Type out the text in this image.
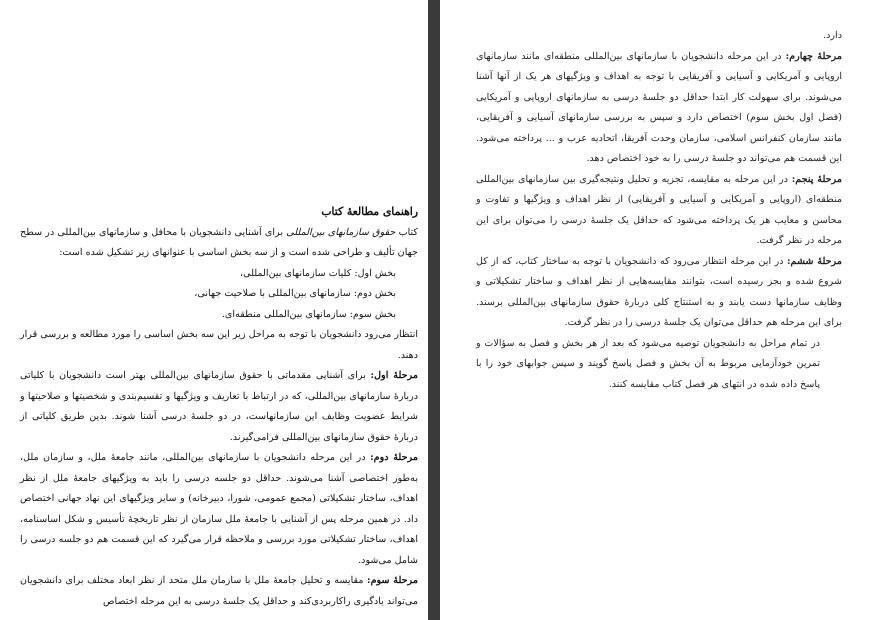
راهنمای مطالعهٔ کتاب

کتاب حقوق سازمانهای بین‌المللی برای آشنایی دانشجویان با محافل و سازمانهای بین‌المللی در سطح جهان تألیف و طراحی شده است و از سه بخش اساسی با عنوانهای زیر تشکیل شده است:

بخش اول: کلیات سازمانهای بین‌المللی،

بخش دوم: سازمانهای بین‌المللی با صلاحیت جهانی،

بخش سوم: سازمانهای بین‌المللی منطقه‌ای.

انتظار می‌رود دانشجویان با توجه به مراحل زیر این سه بخش اساسی را مورد مطالعه و بررسی قرار دهند.

مرحلهٔ اول: برای آشنایی مقدماتی با حقوق سازمانهای بین‌المللی بهتر است دانشجویان با کلیاتی دربارهٔ سازمانهای بین‌المللی، که در ارتباط با تعاریف و ویژگیها و تقسیم‌بندی و شخصیتها و صلاحیتها و شرایط عضویت وظایف این سازمانهاست، در دو جلسهٔ درسی آشنا شوند. بدین طریق کلیاتی از دربارهٔ حقوق سازمانهای بین‌المللی فرامی‌گیرند.

مرحلهٔ دوم: در این مرحله دانشجویان با سازمانهای بین‌المللی، مانند جامعهٔ ملل، و سازمان ملل، به‌طور اختصاصی آشنا می‌شوند. حداقل دو جلسه درسی را باید به ویژگیهای جامعهٔ ملل از نظر اهداف، ساختار تشکیلاتی (مجمع عمومی، شورا، دبیرخانه) و سایر ویژگیهای این نهاد جهانی اختصاص داد. در همین مرحله پس از آشنایی با جامعهٔ ملل سازمان از نظر تاریخچهٔ تأسیس و شکل اساسنامه، اهداف، ساختار تشکیلاتی مورد بررسی و ملاحظه قرار می‌گیرد که این قسمت هم دو جلسه درسی را شامل می‌شود.

مرحلهٔ سوم: مقایسه و تحلیل جامعهٔ ملل با سازمان ملل متحد از نظر ابعاد مختلف برای دانشجویان می‌تواند یادگیری راکاربردی‌کند و حداقل یک جلسهٔ درسی به این مرحله اختصاص

دارد.

مرحلهٔ چهارم: در این مرحله دانشجویان با سازمانهای بین‌المللی منطقه‌ای مانند سازمانهای اروپایی و آمریکایی و آسیایی و آفریقایی با توجه به اهداف و ویژگیهای هر یک از آنها آشنا می‌شوند. برای سهولت کار ابتدا حداقل دو جلسهٔ درسی به سازمانهای اروپایی و آمریکایی (فصل اول بخش سوم) اختصاص دارد و سپس به بررسی سازمانهای آسیایی و آفریقایی، مانند سازمان کنفرانس اسلامی، سازمان وحدت آفریقا، اتحادیه عرب و ... پرداخته می‌شود. این قسمت هم می‌تواند دو جلسهٔ درسی را به خود اختصاص دهد.

مرحلهٔ پنجم: در این مرحله به مقایسه، تجزیه و تحلیل ونتیجه‌گیری بین سازمانهای بین‌المللی منطقه‌ای (اروپایی و آمریکایی و آسیایی و آفریقایی) از نظر اهداف و ویژگیها و تفاوت و محاسن و معایب هر یک پرداخته می‌شود که حداقل یک جلسهٔ درسی را می‌توان برای این مرحله در نظر گرفت.

مرحلهٔ ششم: در این مرحله انتظار می‌رود که دانشجویان با توجه به ساختار کتاب، که از کل شروع شده و بجز رسیده است، بتوانند مقایسه‌هایی از نظر اهداف و ساختار تشکیلاتی و وظایف سازمانها دست یابند و به استنتاج کلی دربارهٔ حقوق سازمانهای بین‌المللی برسند. برای این مرحله هم حداقل می‌توان یک جلسهٔ درسی را در نظر گرفت.

در تمام مراحل به دانشجویان توصیه می‌شود که بعد از هر بخش و فصل به سؤالات و تمرین خودآزمایی مربوط به آن بخش و فصل پاسخ گویند و سپس جوابهای خود را با پاسخ داده شده در انتهای هر فصل کتاب مقایسه کنند.
